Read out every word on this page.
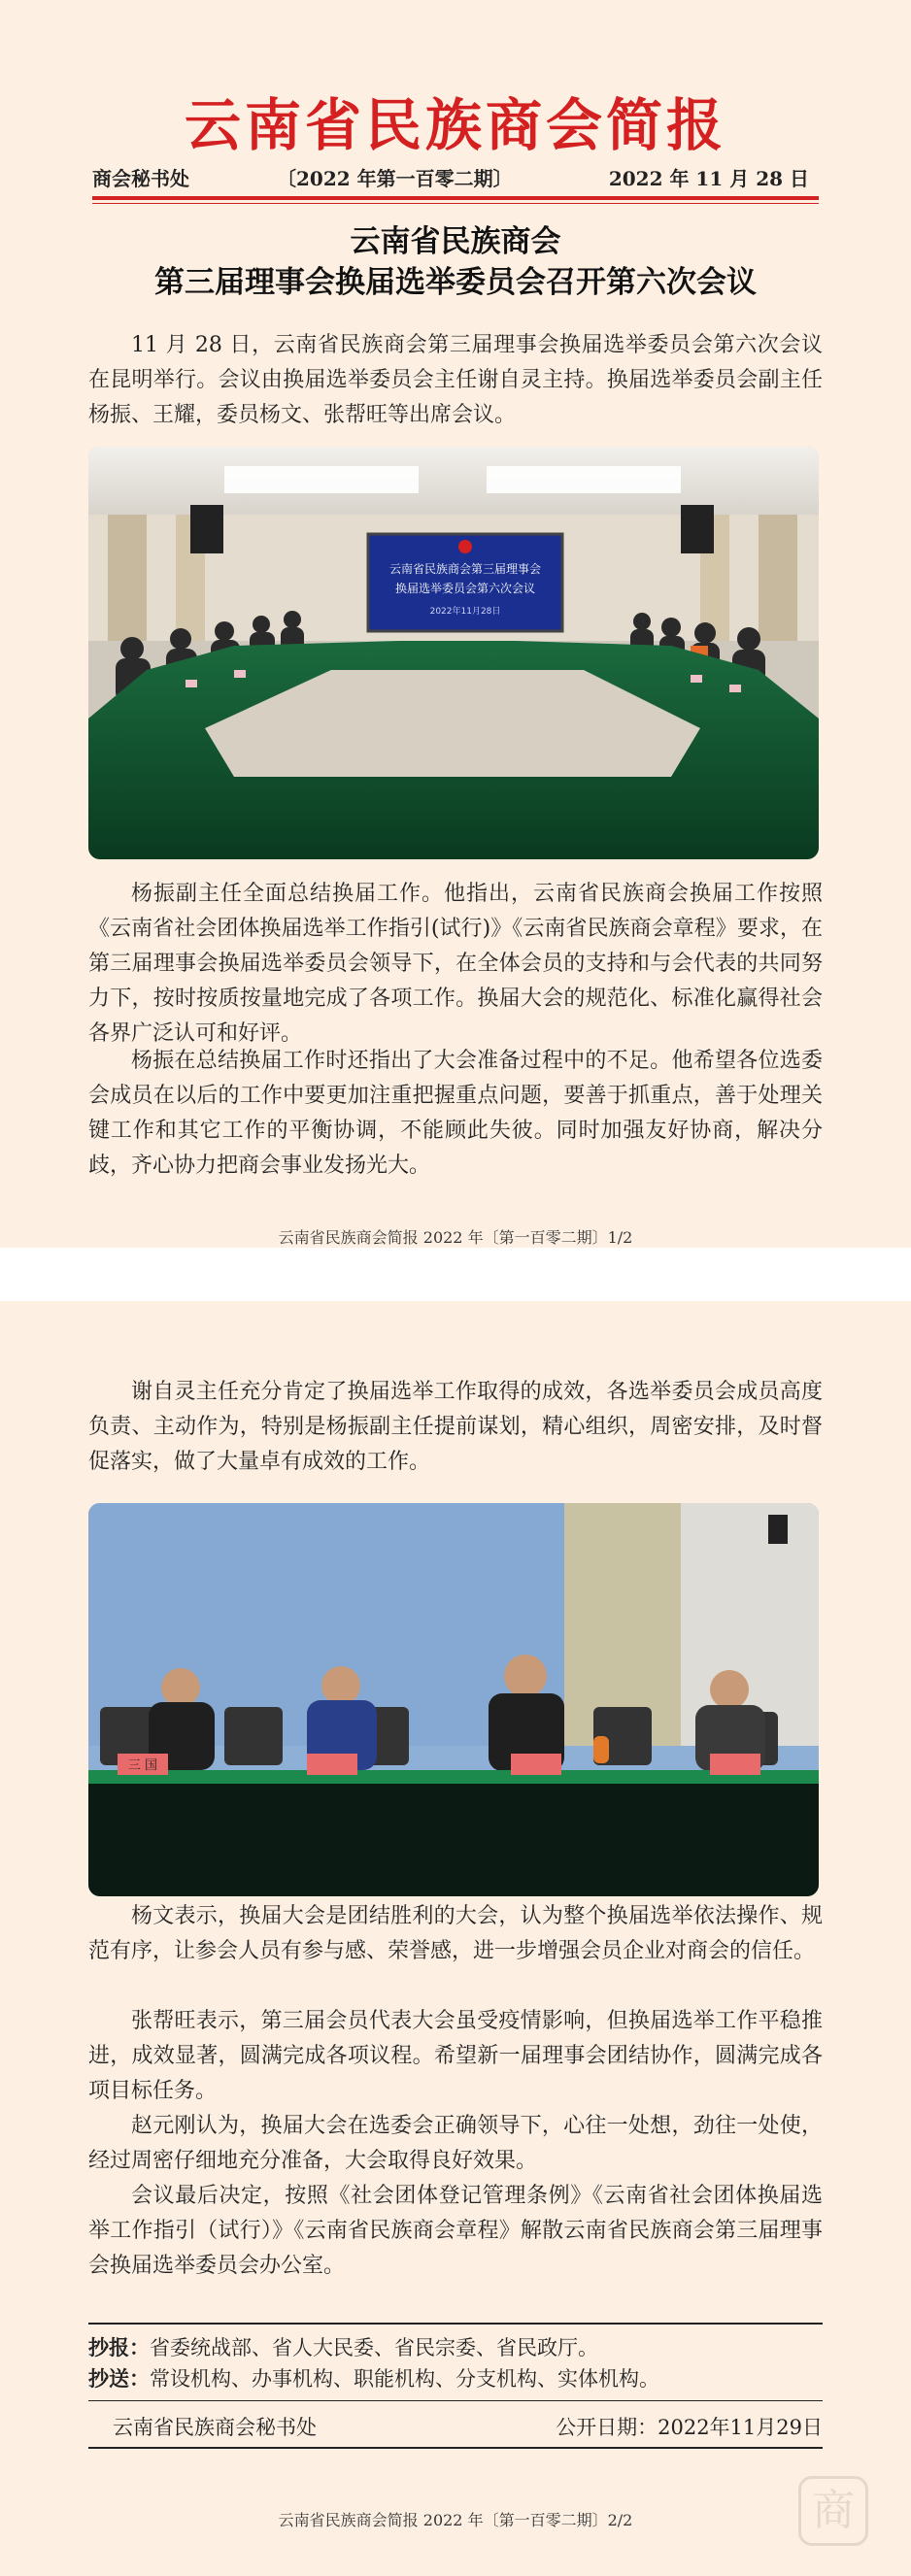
云南省民族商会简报
商会秘书处	〔2022 年第一百零二期〕	2022 年 11 月 28 日
云南省民族商会
第三届理事会换届选举委员会召开第六次会议

11 月 28 日，云南省民族商会第三届理事会换届选举委员会第六次会议在昆明举行。会议由换届选举委员会主任谢自灵主持。换届选举委员会副主任杨振、王耀，委员杨文、张帮旺等出席会议。

云南省民族商会第三届理事会
换届选举委员会第六次会议
2022年11月28日

杨振副主任全面总结换届工作。他指出，云南省民族商会换届工作按照《云南省社会团体换届选举工作指引(试行)》《云南省民族商会章程》要求，在第三届理事会换届选举委员会领导下，在全体会员的支持和与会代表的共同努力下，按时按质按量地完成了各项工作。换届大会的规范化、标准化赢得社会各界广泛认可和好评。

杨振在总结换届工作时还指出了大会准备过程中的不足。他希望各位选委会成员在以后的工作中要更加注重把握重点问题，要善于抓重点，善于处理关键工作和其它工作的平衡协调，不能顾此失彼。同时加强友好协商，解决分歧，齐心协力把商会事业发扬光大。

云南省民族商会简报 2022 年〔第一百零二期〕1/2

谢自灵主任充分肯定了换届选举工作取得的成效，各选举委员会成员高度负责、主动作为，特别是杨振副主任提前谋划，精心组织，周密安排，及时督促落实，做了大量卓有成效的工作。

三 国

杨文表示，换届大会是团结胜利的大会，认为整个换届选举依法操作、规范有序，让参会人员有参与感、荣誉感，进一步增强会员企业对商会的信任。

张帮旺表示，第三届会员代表大会虽受疫情影响，但换届选举工作平稳推进，成效显著，圆满完成各项议程。希望新一届理事会团结协作，圆满完成各项目标任务。

赵元刚认为，换届大会在选委会正确领导下，心往一处想，劲往一处使，经过周密仔细地充分准备，大会取得良好效果。

会议最后决定，按照《社会团体登记管理条例》《云南省社会团体换届选举工作指引（试行）》《云南省民族商会章程》解散云南省民族商会第三届理事会换届选举委员会办公室。

抄报：省委统战部、省人大民委、省民宗委、省民政厅。
抄送：常设机构、办事机构、职能机构、分支机构、实体机构。
云南省民族商会秘书处	公开日期：2022年11月29日
云南省民族商会简报 2022 年〔第一百零二期〕2/2	商
